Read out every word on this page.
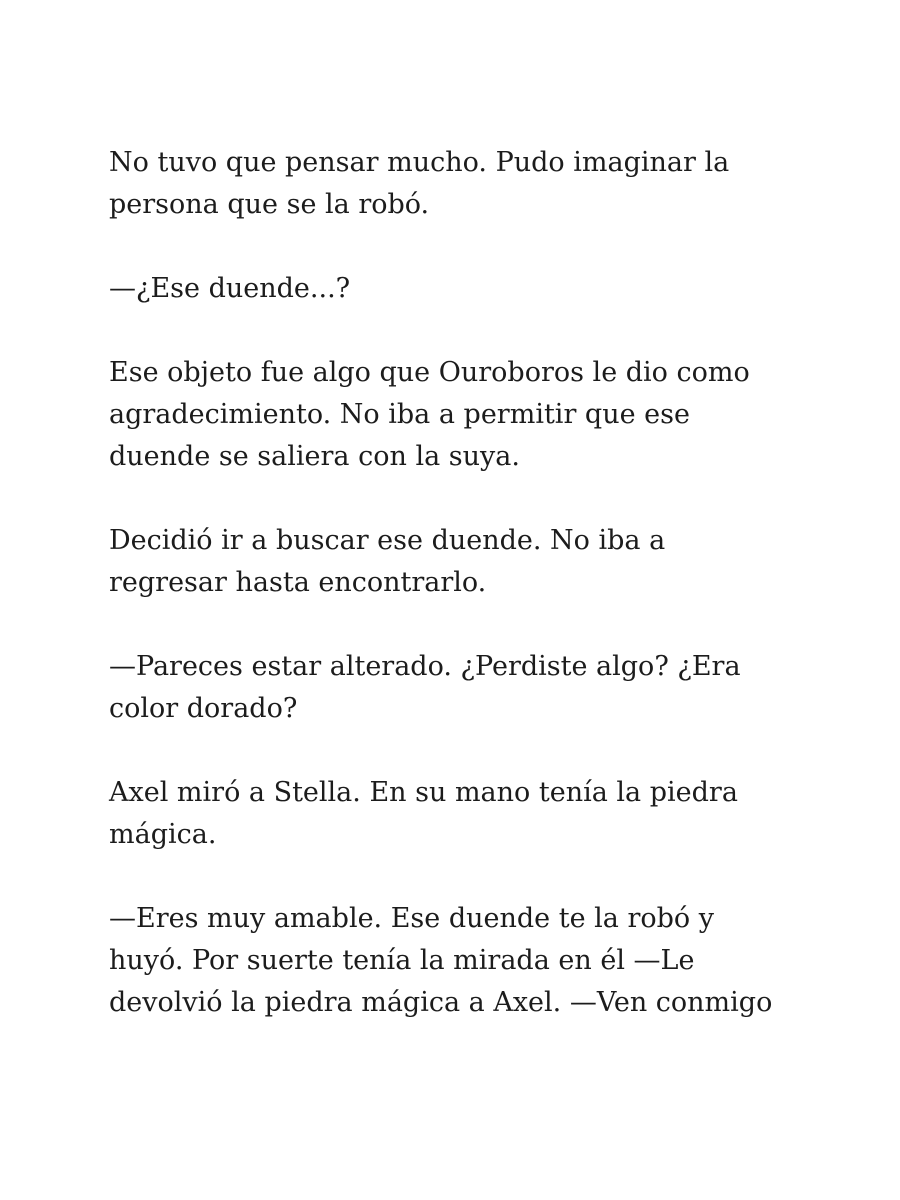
No tuvo que pensar mucho. Pudo imaginar la
persona que se la robó.

—¿Ese duende...?

Ese objeto fue algo que Ouroboros le dio como
agradecimiento. No iba a permitir que ese
duende se saliera con la suya.

Decidió ir a buscar ese duende. No iba a
regresar hasta encontrarlo.

—Pareces estar alterado. ¿Perdiste algo? ¿Era
color dorado?

Axel miró a Stella. En su mano tenía la piedra
mágica.

—Eres muy amable. Ese duende te la robó y
huyó. Por suerte tenía la mirada en él —Le
devolvió la piedra mágica a Axel. —Ven conmigo
